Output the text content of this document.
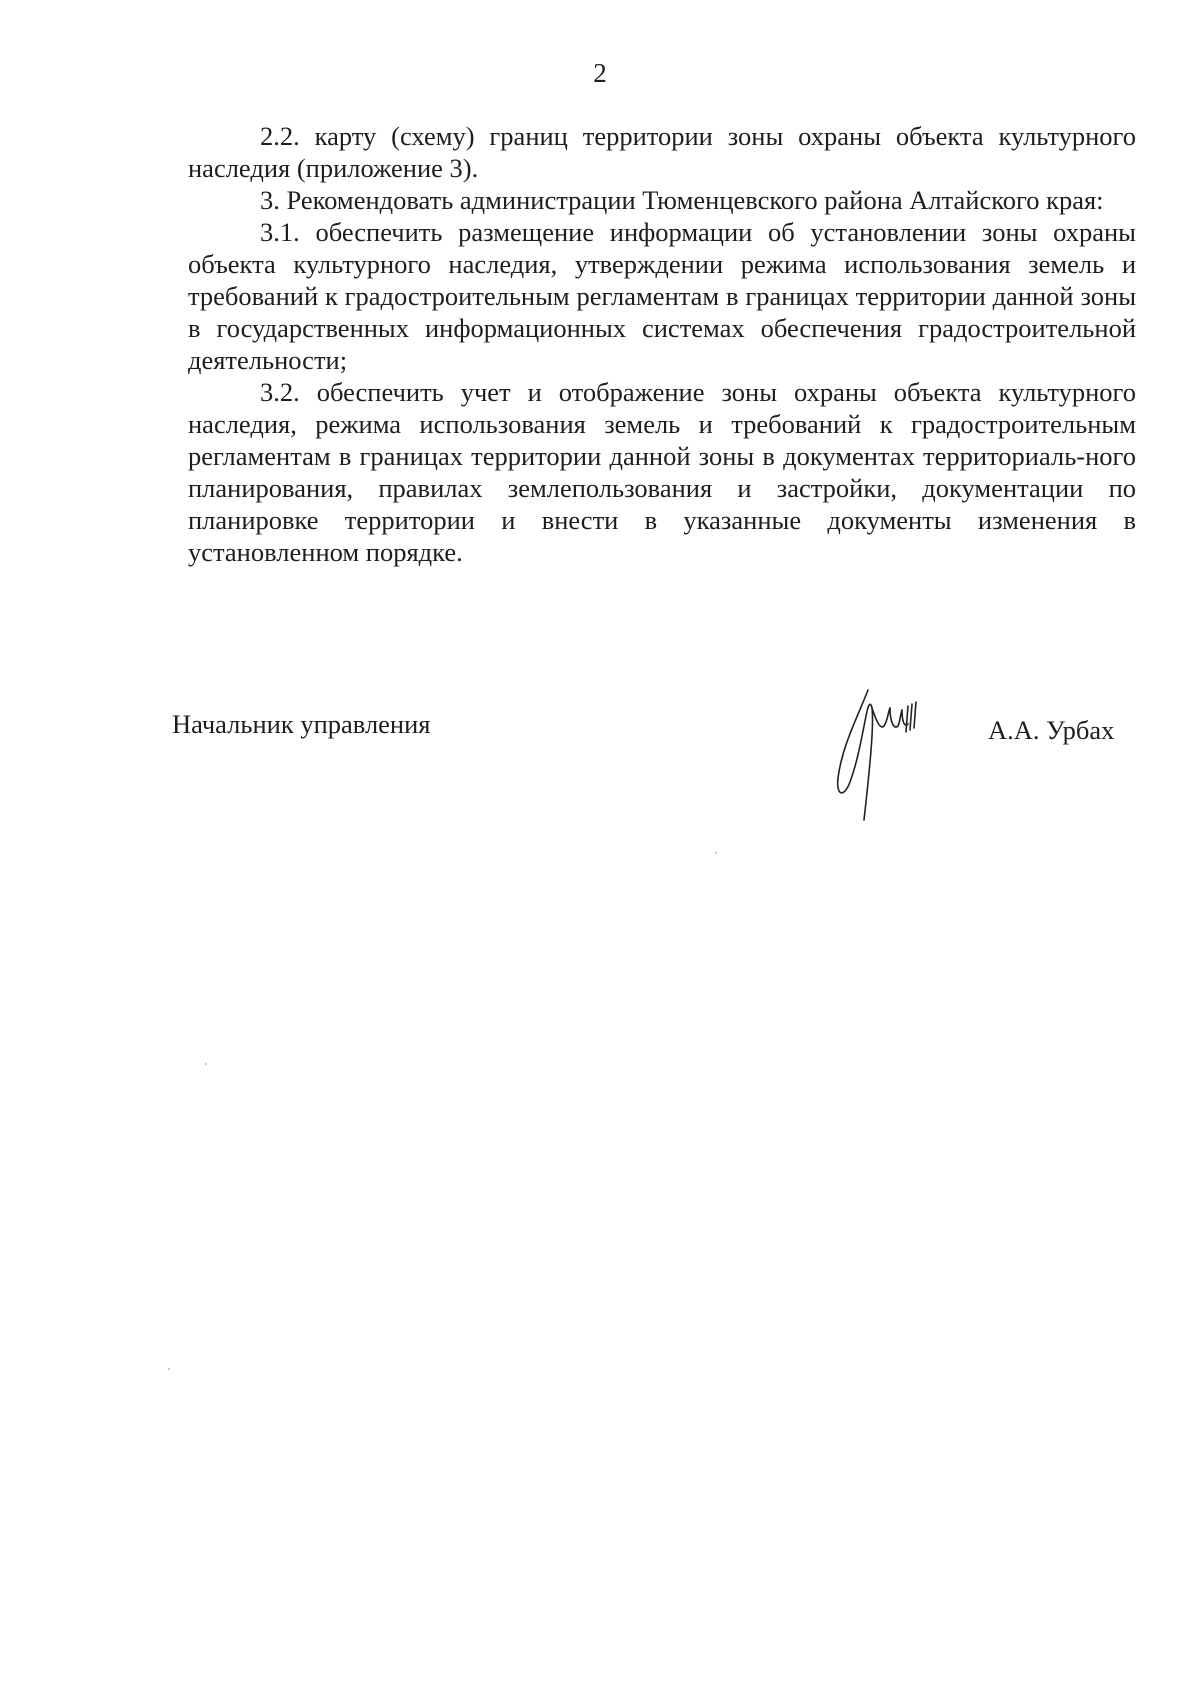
2

2.2. карту (схему) границ территории зоны охраны объекта культурного наследия (приложение 3).

3. Рекомендовать администрации Тюменцевского района Алтайского края:

3.1. обеспечить размещение информации об установлении зоны охраны объекта культурного наследия, утверждении режима использования земель и требований к градостроительным регламентам в границах территории данной зоны в государственных информационных системах обеспечения градостроительной деятельности;

3.2. обеспечить учет и отображение зоны охраны объекта культурного наследия, режима использования земель и требований к градостроительным регламентам в границах территории данной зоны в документах территориаль-ного планирования, правилах землепользования и застройки, документации по планировке территории и внести в указанные документы изменения в установленном порядке.

Начальник управления	А.А. Урбах
